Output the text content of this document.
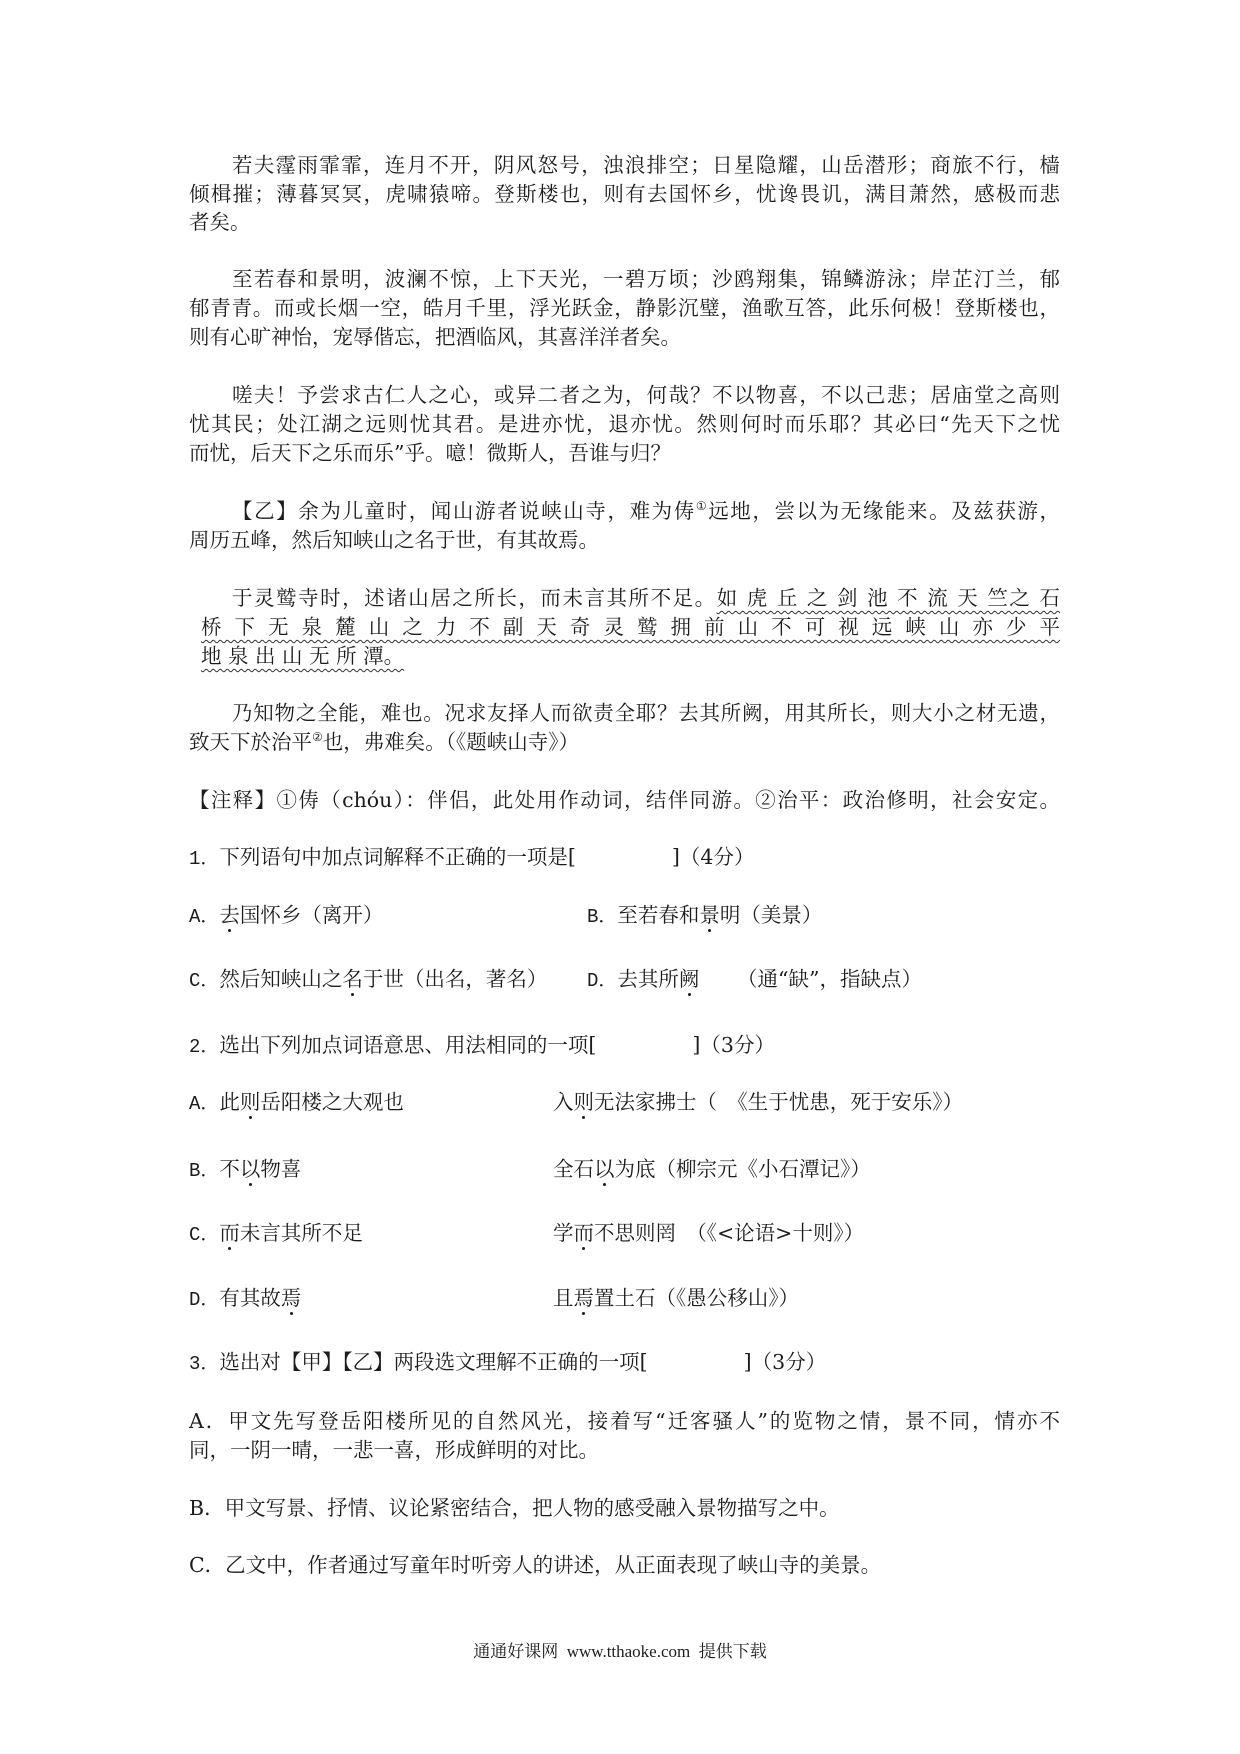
若夫霪雨霏霏，连月不开，阴风怒号，浊浪排空；日星隐耀，山岳潜形；商旅不行，樯
倾楫摧；薄暮冥冥，虎啸猿啼。登斯楼也，则有去国怀乡，忧谗畏讥，满目萧然，感极而悲
者矣。
至若春和景明，波澜不惊，上下天光，一碧万顷；沙鸥翔集，锦鳞游泳；岸芷汀兰，郁
郁青青。而或长烟一空，皓月千里，浮光跃金，静影沉璧，渔歌互答，此乐何极！登斯楼也，
则有心旷神怡，宠辱偕忘，把酒临风，其喜洋洋者矣。
嗟夫！予尝求古仁人之心，或异二者之为，何哉？不以物喜，不以己悲；居庙堂之高则
忧其民；处江湖之远则忧其君。是进亦忧，退亦忧。然则何时而乐耶？其必曰“先天下之忧
而忧，后天下之乐而乐”乎。噫！微斯人，吾谁与归？
【乙】余为儿童时，闻山游者说峡山寺，难为俦①远地，尝以为无缘能来。及兹获游，
周历五峰，然后知峡山之名于世，有其故焉。
于灵鹫寺时，述诸山居之所长，而未言其所不足。如 虎 丘 之 剑 池 不 流 天 竺之 石
桥 下 无 泉 麓 山 之 力 不 副 天 奇 灵 鹫 拥 前 山 不 可 视 远 峡 山 亦 少 平
地 泉 出 山 无 所 潭。
乃知物之全能，难也。况求友择人而欲责全耶？去其所阙，用其所长，则大小之材无遗，
致天下於治平②也，弗难矣。（《题峡山寺》）
【注释】①俦（chóu）：伴侣，此处用作动词，结伴同游。②治平：政治修明，社会安定。
1．下列语句中加点词解释不正确的一项是[	]（4分）
A．去国怀乡（离开）	B．至若春和景明（美景）
C．然后知峡山之名于世（出名，著名） D．去其所阙 （通“缺”，指缺点）
2．选出下列加点词语意思、用法相同的一项[	]（3分）
A．此则岳阳楼之大观也	入则无法家拂士（　《生于忧患，死于安乐》）
B．不以物喜	全石以为底（柳宗元《小石潭记》）
C．而未言其所不足	学而不思则罔　（《<论语>十则》）
D．有其故焉	且焉置土石（《愚公移山》）
3．选出对【甲】【乙】两段选文理解不正确的一项[	]（3分）
A．甲文先写登岳阳楼所见的自然风光，接着写“迁客骚人”的览物之情，景不同，情亦不
同，一阴一晴，一悲一喜，形成鲜明的对比。
B．甲文写景、抒情、议论紧密结合，把人物的感受融入景物描写之中。
C．乙文中，作者通过写童年时听旁人的讲述，从正面表现了峡山寺的美景。
通通好课网  www.tthaoke.com  提供下载
